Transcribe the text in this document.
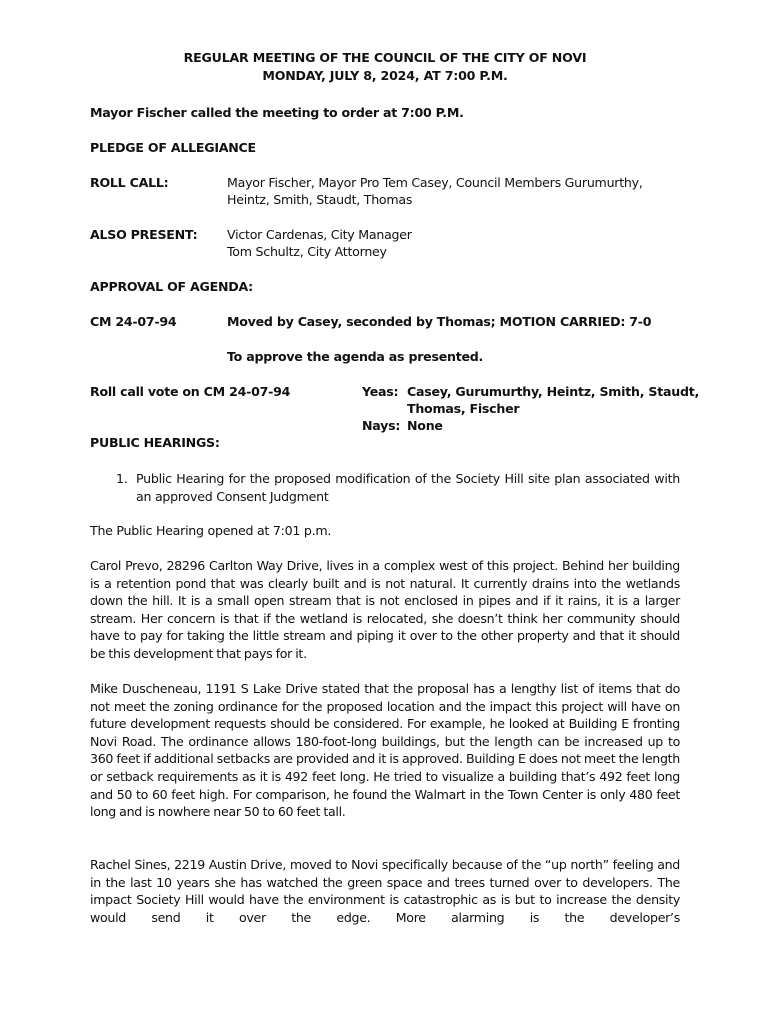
REGULAR MEETING OF THE COUNCIL OF THE CITY OF NOVI
MONDAY, JULY 8, 2024, AT 7:00 P.M.
Mayor Fischer called the meeting to order at 7:00 P.M.
PLEDGE OF ALLEGIANCE
ROLL CALL:	Mayor Fischer, Mayor Pro Tem Casey, Council Members Gurumurthy,
Heintz, Smith, Staudt, Thomas
ALSO PRESENT: Victor Cardenas, City Manager
Tom Schultz, City Attorney
APPROVAL OF AGENDA:
CM 24-07-94	Moved by Casey, seconded by Thomas; MOTION CARRIED: 7-0
To approve the agenda as presented.
Roll call vote on CM 24-07-94	Yeas: Casey, Gurumurthy, Heintz, Smith, Staudt,
Thomas, Fischer
Nays: None
PUBLIC HEARINGS:
1. Public Hearing for the proposed modification of the Society Hill site plan associated with an approved Consent Judgment
The Public Hearing opened at 7:01 p.m.
Carol Prevo, 28296 Carlton Way Drive, lives in a complex west of this project. Behind her building is a retention pond that was clearly built and is not natural. It currently drains into the wetlands down the hill. It is a small open stream that is not enclosed in pipes and if it rains, it is a larger stream. Her concern is that if the wetland is relocated, she doesn’t think her community should have to pay for taking the little stream and piping it over to the other property and that it should be this development that pays for it.
Mike Duscheneau, 1191 S Lake Drive stated that the proposal has a lengthy list of items that do not meet the zoning ordinance for the proposed location and the impact this project will have on future development requests should be considered. For example, he looked at Building E fronting Novi Road. The ordinance allows 180-foot-long buildings, but the length can be increased up to 360 feet if additional setbacks are provided and it is approved. Building E does not meet the length or setback requirements as it is 492 feet long. He tried to visualize a building that’s 492 feet long and 50 to 60 feet high. For comparison, he found the Walmart in the Town Center is only 480 feet long and is nowhere near 50 to 60 feet tall.
Rachel Sines, 2219 Austin Drive, moved to Novi specifically because of the “up north” feeling and in the last 10 years she has watched the green space and trees turned over to developers. The impact Society Hill would have the environment is catastrophic as is but to increase the density would send it over the edge. More alarming is the developer’s
